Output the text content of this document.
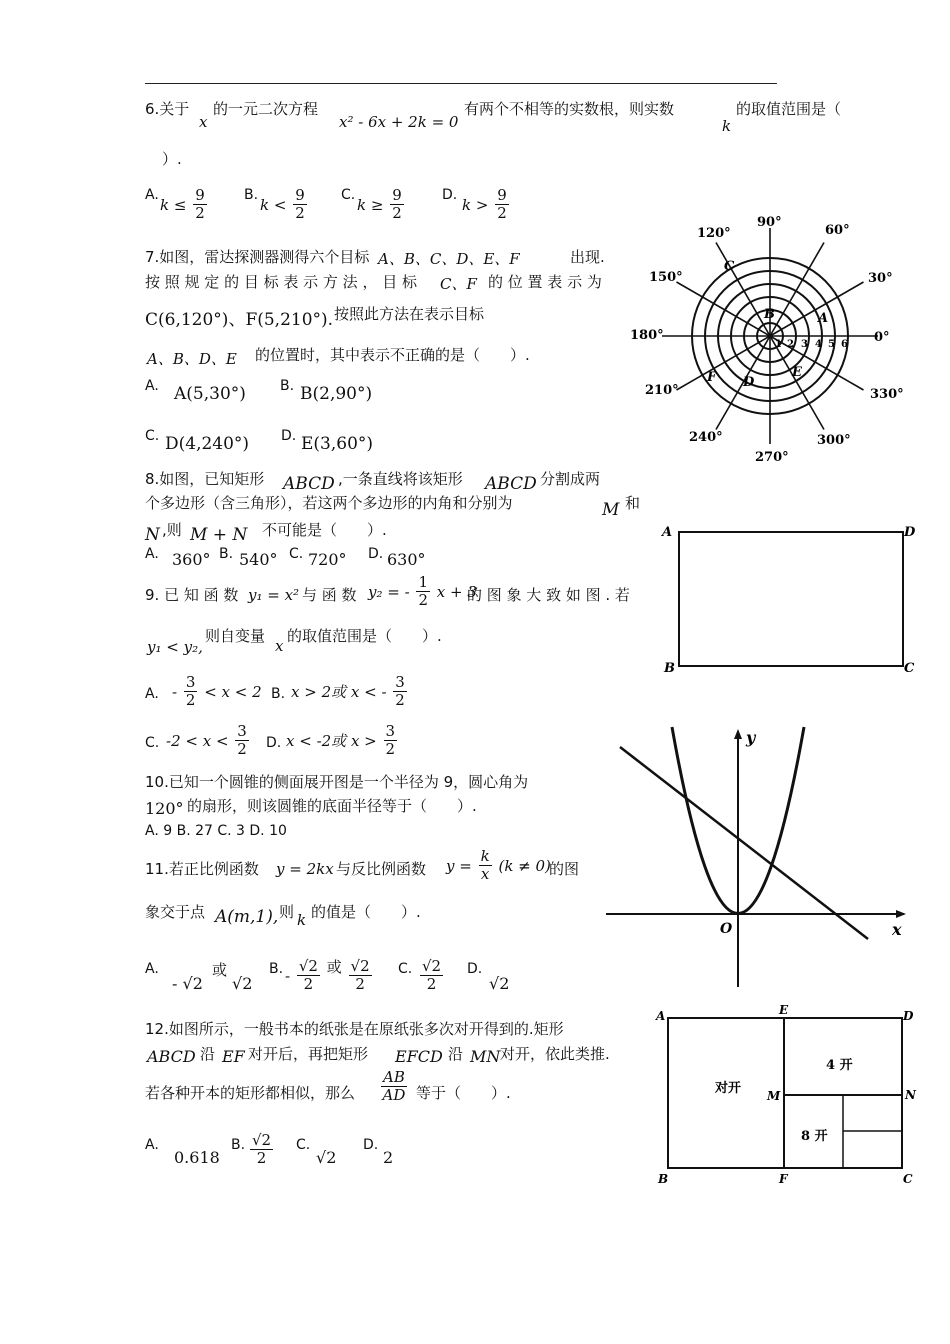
6.关于
x
的一元二次方程
x² - 6x + 2k = 0
有两个不相等的实数根，则实数
k
的取值范围是（
）.
A.
$k \le \frac{9}{2}$	B.
$k < \frac{9}{2} C$.
$k \ge \frac{9}{2}$	D.
$k > \frac{9}{2}$
7.如图，雷达探测器测得六个目标 A、B、C、D、E、F	出现.
按 照 规 定 的 目 标 表 示 方 法 ， 目 标 C、F 的 位 置 表 示 为
C(6,120°)、F(5,210°). 按照此方法在表示目标
A、B、D、E 的位置时，其中表示不正确的是（　　）.
A. A(5,30°) B. B(2,90°)
C. D(4,240°) D. E(3,60°)
0°
30°
60°
90°
120°
150°
180°
210°
240°
270°
300°
330°
1 2 3 4 5 6
A
B
C
D
E
F
8.如图，已知矩形 ABCD ,一条直线将该矩形 ABCD 分割成两
个多边形（含三角形），若这两个多边形的内角和分别为	M 和
N ,则 M + N 不可能是（　　）.
A. 360° B. 540° C. 720° D. 630°
A	D
B	C
9. 已 知 函 数 y₁ = x² 与 函 数 y₂ = - $\frac{1}{2}$ x + 3
的 图 象 大 致 如 图 . 若
y₁ < y₂,
则自变量
x
的取值范围是（　　）.
A. - $\frac{3}{2} < x < 2$ B. x > 2或 x < - $\frac{3}{2}$
C. $-2 < x < \frac{3}{2} D$. x < -2或 $x > \frac{3}{2}$	y
x
O
10.已知一个圆锥的侧面展开图是一个半径为 9，圆心角为
120° 的扇形，则该圆锥的底面半径等于（　　）.
A. 9 B. 27 C. 3 D. 10
11.若正比例函数 y = 2kx 与反比例函数 $y = \frac{k}{x} (k \ne 0)$
的图
象交于点 A(m,1), 则 k 的值是（　　）.
A.
- √2
或
√2
B. - $\frac{√2}{2}$ 或 $\frac{√2}{2} C$. $\frac{√2}{2} D$.
√2
12.如图所示，一般书本的纸张是在原纸张多次对开得到的.矩形
ABCD 沿 EF 对开后，再把矩形 EFCD 沿 MN 对开，依此类推.
若各种开本的矩形都相似，那么 $\frac{AB}{AD}$ 等于（　　）.
A.
0.618
B. $\frac{√2}{2} C$.
√2
D.
2
A	E	D
M	N
B	F	C
对开
4 开
8 开
